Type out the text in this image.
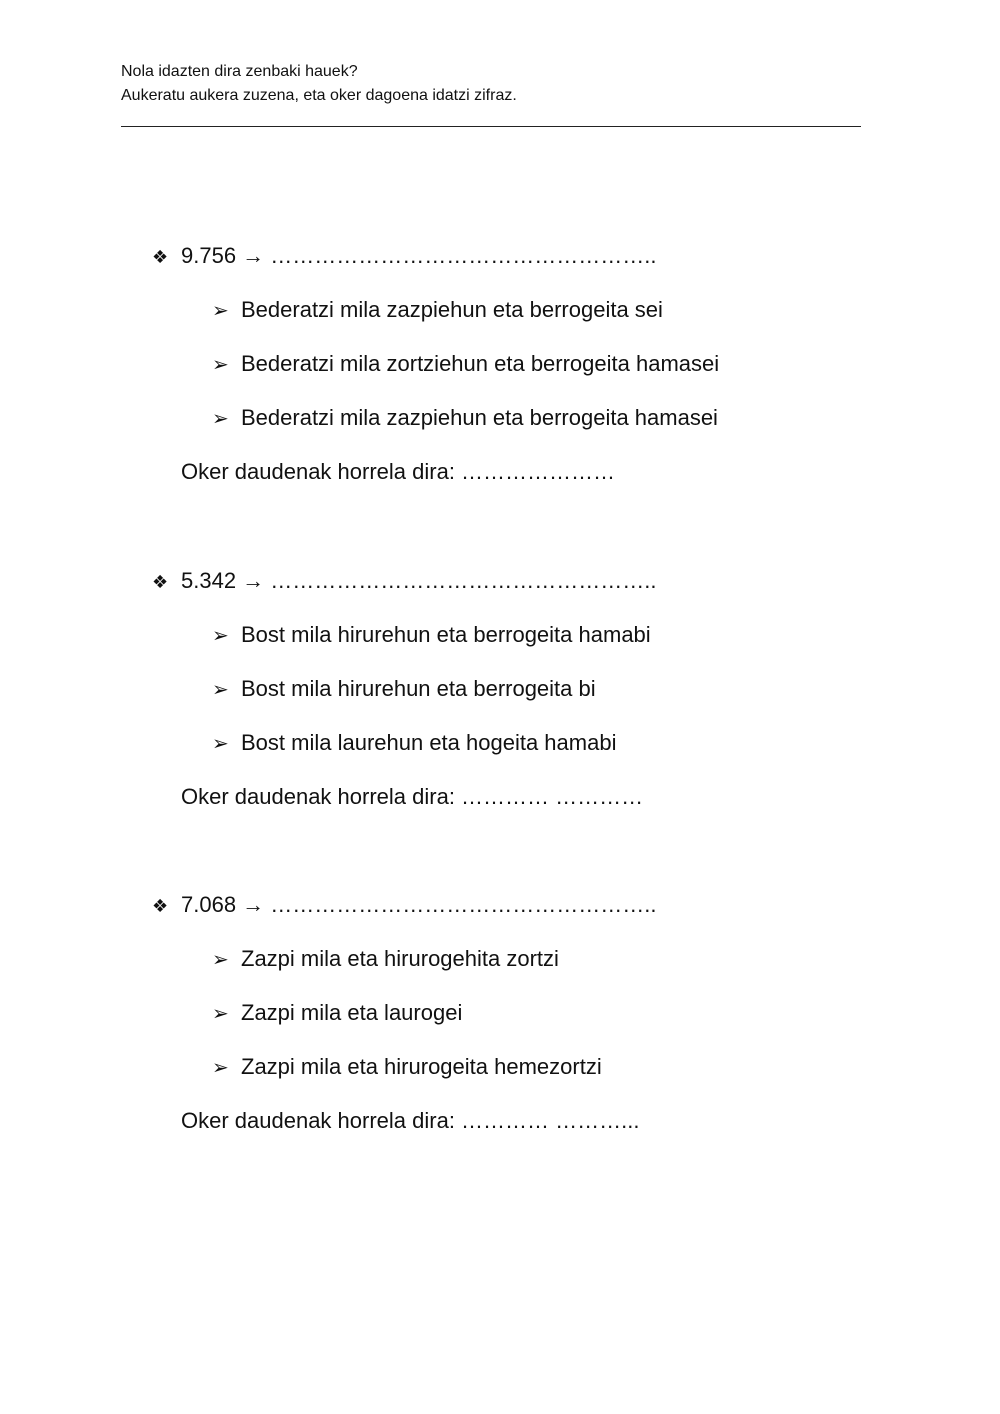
Nola idazten dira zenbaki hauek?
Aukeratu aukera zuzena, eta oker dagoena idatzi zifraz.
❖ 9.756 → ……………………………………………..
➢ Bederatzi mila zazpiehun eta berrogeita sei
➢ Bederatzi mila zortziehun eta berrogeita hamasei
➢ Bederatzi mila zazpiehun eta berrogeita hamasei
Oker daudenak horrela dira: …………………
❖ 5.342 → ……………………………………………..
➢ Bost mila hirurehun eta berrogeita hamabi
➢ Bost mila hirurehun eta berrogeita bi
➢ Bost mila laurehun eta hogeita hamabi
Oker daudenak horrela dira: ………… …………
❖ 7.068 → ……………………………………………..
➢ Zazpi mila eta hirurogehita zortzi
➢ Zazpi mila eta laurogei
➢ Zazpi mila eta hirurogeita hemezortzi
Oker daudenak horrela dira: ………… ………...
